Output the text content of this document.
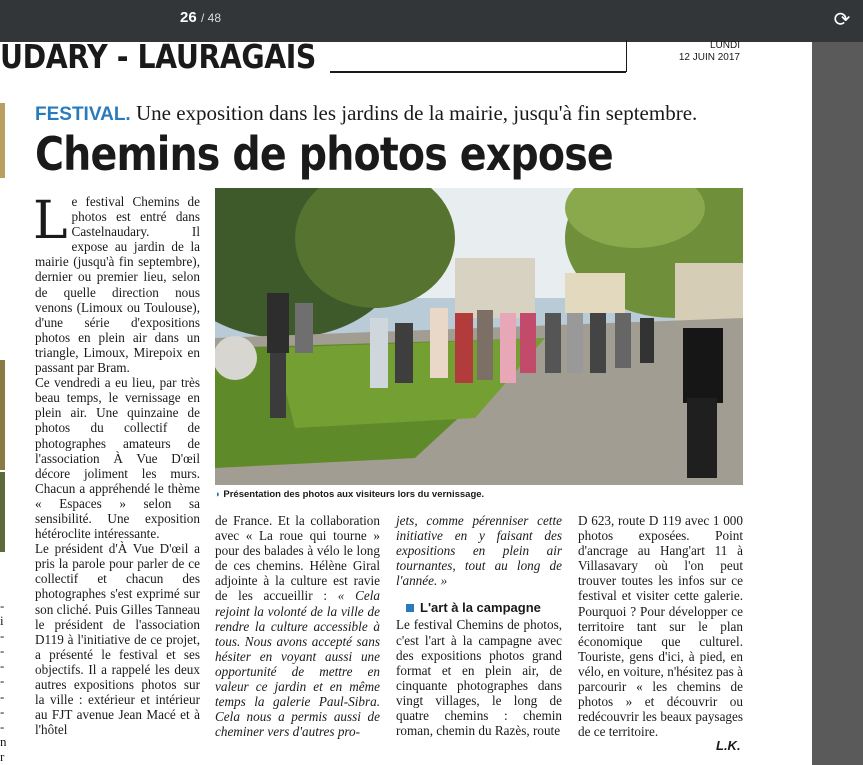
26 / 48	⟳
UDARY - LAURAGAIS	LUNDI
12 JUIN 2017
FESTIVAL. Une exposition dans les jardins de la mairie, jusqu'à fin septembre.
Chemins de photos expose
-
i
-
-
-
-
-
-
-
n
r
◗ Présentation des photos aux visiteurs lors du vernissage.

Le festival Chemins de photos est entré dans Castelnaudary. Il expose au jardin de la mairie (jusqu'à fin septembre), dernier ou premier lieu, selon de quelle direction nous venons (Limoux ou Toulouse), d'une série d'expositions photos en plein air dans un triangle, Limoux, Mirepoix en passant par Bram.

Ce vendredi a eu lieu, par très beau temps, le vernissage en plein air. Une quinzaine de photos du collectif de photographes amateurs de l'association À Vue D'œil décore joliment les murs. Chacun a appréhendé le thème « Espaces » selon sa sensibilité. Une exposition hétéroclite intéressante.

Le président d'À Vue D'œil a pris la parole pour parler de ce collectif et chacun des photographes s'est exprimé sur son cliché. Puis Gilles Tanneau le président de l'association D119 à l'initiative de ce projet, a présenté le festival et ses objectifs. Il a rappelé les deux autres expositions photos sur la ville : extérieur et intérieur au FJT avenue Jean Macé et à l'hôtel

de France. Et la collaboration avec « La roue qui tourne » pour des balades à vélo le long de ces chemins. Hélène Giral adjointe à la culture est ravie de les accueillir : « Cela rejoint la volonté de la ville de rendre la culture accessible à tous. Nous avons accepté sans hésiter en voyant aussi une opportunité de mettre en valeur ce jardin et en même temps la galerie Paul-Sibra. Cela nous a permis aussi de cheminer vers d'autres pro-

jets, comme pérenniser cette initiative en y faisant des expositions en plein air tournantes, tout au long de l'année. »

L'art à la campagne

Le festival Chemins de photos, c'est l'art à la campagne avec des expositions photos grand format et en plein air, de cinquante photographes dans vingt villages, le long de quatre chemins : chemin roman, chemin du Razès, route

D 623, route D 119 avec 1 000 photos exposées. Point d'ancrage au Hang'art 11 à Villasavary où l'on peut trouver toutes les infos sur ce festival et visiter cette galerie. Pourquoi ? Pour développer ce territoire tant sur le plan économique que culturel. Touriste, gens d'ici, à pied, en vélo, en voiture, n'hésitez pas à parcourir « les chemins de photos » et découvrir ou redécouvrir les beaux paysages de ce territoire.

L.K.
